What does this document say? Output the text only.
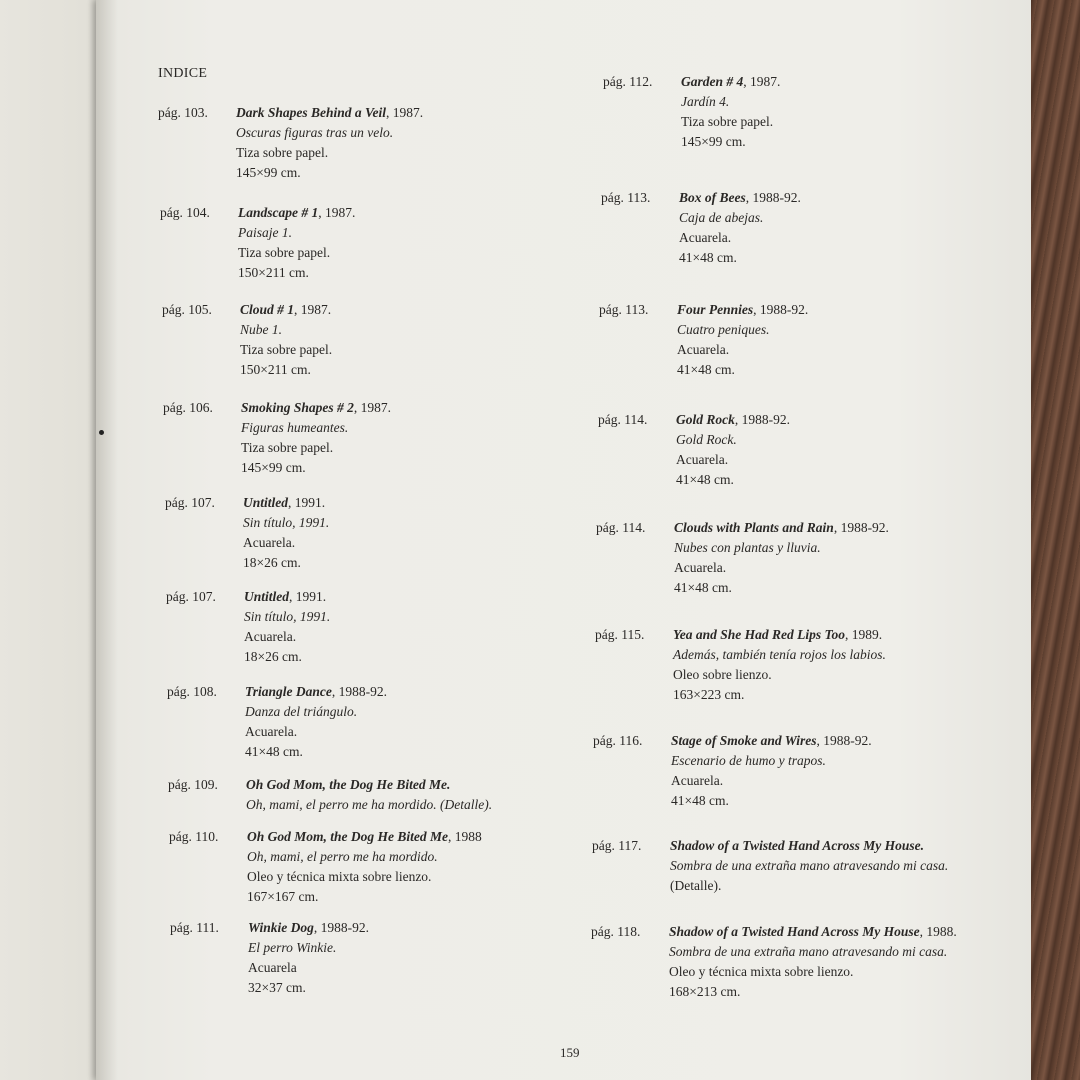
INDICE
pág. 103. Dark Shapes Behind a Veil, 1987.
Oscuras figuras tras un velo.
Tiza sobre papel.
145×99 cm.
pág. 104. Landscape # 1, 1987.
Paisaje 1.
Tiza sobre papel.
150×211 cm.
pág. 105. Cloud # 1, 1987.
Nube 1.
Tiza sobre papel.
150×211 cm.
pág. 106. Smoking Shapes # 2, 1987.
Figuras humeantes.
Tiza sobre papel.
145×99 cm.
pág. 107. Untitled, 1991.
Sin título, 1991.
Acuarela.
18×26 cm.
pág. 107. Untitled, 1991.
Sin título, 1991.
Acuarela.
18×26 cm.
pág. 108. Triangle Dance, 1988-92.
Danza del triángulo.
Acuarela.
41×48 cm.
pág. 109. Oh God Mom, the Dog He Bited Me.
Oh, mami, el perro me ha mordido. (Detalle).
pág. 110. Oh God Mom, the Dog He Bited Me, 1988
Oh, mami, el perro me ha mordido.
Oleo y técnica mixta sobre lienzo.
167×167 cm.
pág. 111. Winkie Dog, 1988-92.
El perro Winkie.
Acuarela
32×37 cm.
pág. 112. Garden # 4, 1987.
Jardín 4.
Tiza sobre papel.
145×99 cm.
pág. 113. Box of Bees, 1988-92.
Caja de abejas.
Acuarela.
41×48 cm.
pág. 113. Four Pennies, 1988-92.
Cuatro peniques.
Acuarela.
41×48 cm.
pág. 114. Gold Rock, 1988-92.
Gold Rock.
Acuarela.
41×48 cm.
pág. 114. Clouds with Plants and Rain, 1988-92.
Nubes con plantas y lluvia.
Acuarela.
41×48 cm.
pág. 115. Yea and She Had Red Lips Too, 1989.
Además, también tenía rojos los labios.
Oleo sobre lienzo.
163×223 cm.
pág. 116. Stage of Smoke and Wires, 1988-92.
Escenario de humo y trapos.
Acuarela.
41×48 cm.
pág. 117. Shadow of a Twisted Hand Across My House.
Sombra de una extraña mano atravesando mi casa.
(Detalle).
pág. 118. Shadow of a Twisted Hand Across My House, 1988.
Sombra de una extraña mano atravesando mi casa.
Oleo y técnica mixta sobre lienzo.
168×213 cm.
159
